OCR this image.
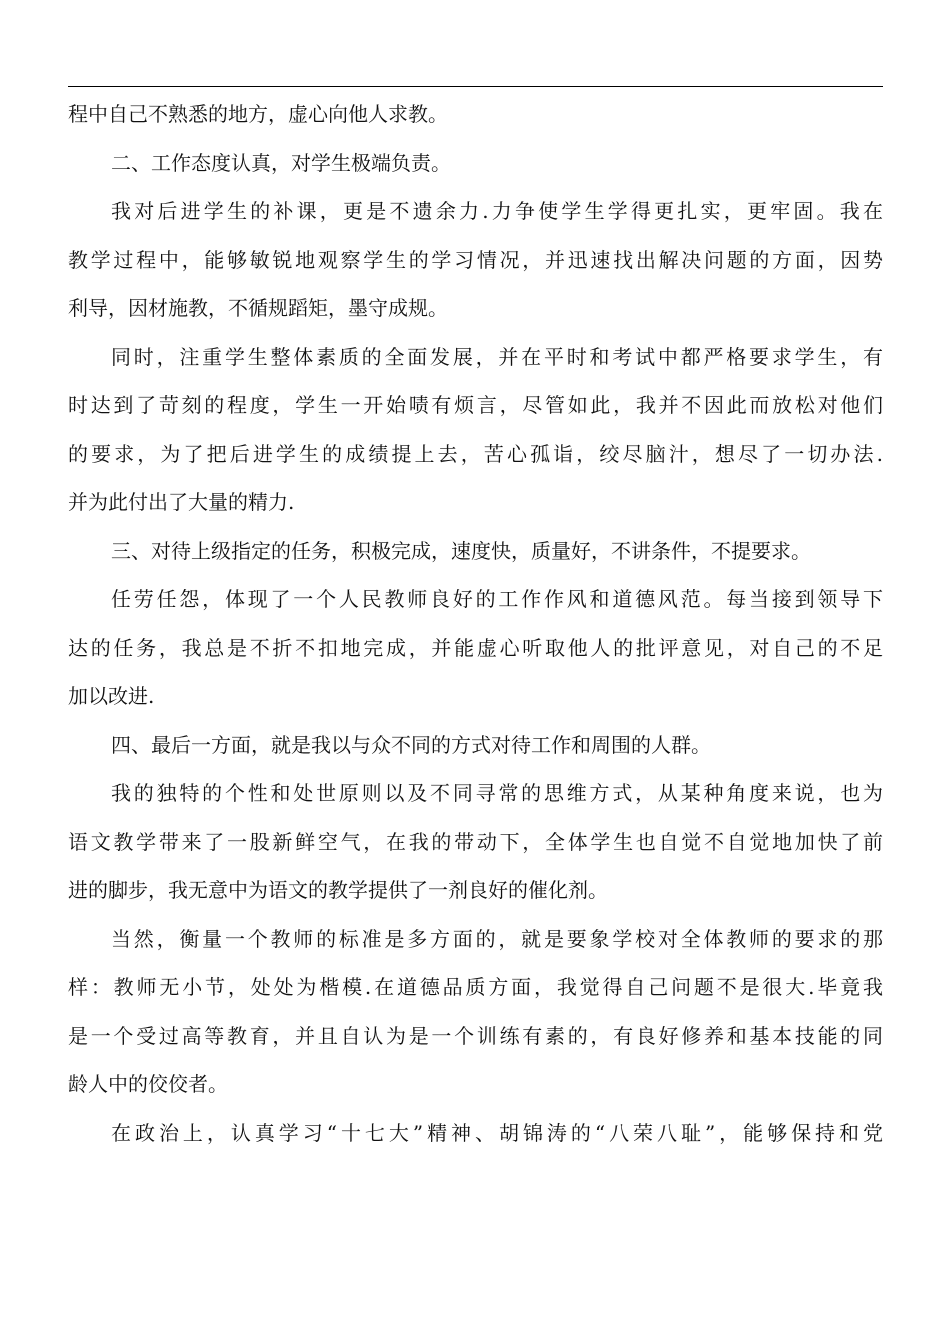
程中自己不熟悉的地方，虚心向他人求教。
二、工作态度认真，对学生极端负责。
我对后进学生的补课，更是不遗余力.力争使学生学得更扎实，更牢固。我在
教学过程中，能够敏锐地观察学生的学习情况，并迅速找出解决问题的方面，因势
利导，因材施教，不循规蹈矩，墨守成规。
同时，注重学生整体素质的全面发展，并在平时和考试中都严格要求学生，有
时达到了苛刻的程度，学生一开始啧有烦言，尽管如此，我并不因此而放松对他们
的要求，为了把后进学生的成绩提上去，苦心孤诣，绞尽脑汁，想尽了一切办法.
并为此付出了大量的精力.
三、对待上级指定的任务，积极完成，速度快，质量好，不讲条件，不提要求。
任劳任怨，体现了一个人民教师良好的工作作风和道德风范。每当接到领导下
达的任务，我总是不折不扣地完成，并能虚心听取他人的批评意见，对自己的不足
加以改进.
四、最后一方面，就是我以与众不同的方式对待工作和周围的人群。
我的独特的个性和处世原则以及不同寻常的思维方式，从某种角度来说，也为
语文教学带来了一股新鲜空气，在我的带动下，全体学生也自觉不自觉地加快了前
进的脚步，我无意中为语文的教学提供了一剂良好的催化剂。
当然，衡量一个教师的标准是多方面的，就是要象学校对全体教师的要求的那
样：教师无小节，处处为楷模.在道德品质方面，我觉得自己问题不是很大.毕竟我
是一个受过高等教育，并且自认为是一个训练有素的，有良好修养和基本技能的同
龄人中的佼佼者。
在政治上，认真学习“十七大”精神、胡锦涛的“八荣八耻”，能够保持和党
